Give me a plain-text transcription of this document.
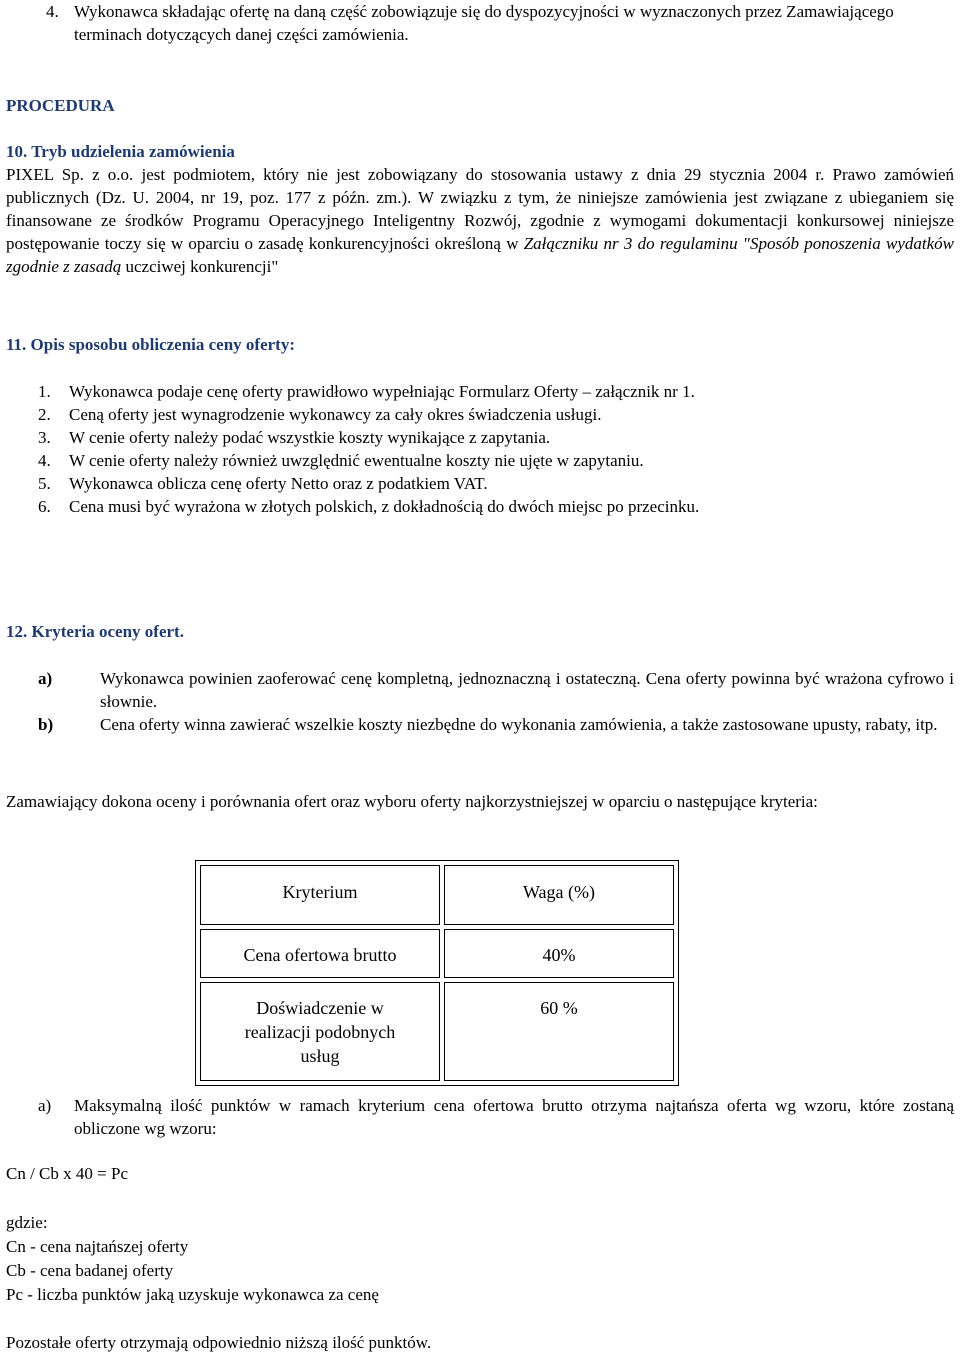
4. Wykonawca składając ofertę na daną część zobowiązuje się do dyspozycyjności w wyznaczonych przez Zamawiającego terminach dotyczących danej części zamówienia.
PROCEDURA
10. Tryb udzielenia zamówienia
PIXEL Sp. z o.o. jest podmiotem, który nie jest zobowiązany do stosowania ustawy z dnia 29 stycznia 2004 r. Prawo zamówień publicznych (Dz. U. 2004, nr 19, poz. 177 z późn. zm.). W związku z tym, że niniejsze zamówienia jest związane z ubieganiem się finansowane ze środków Programu Operacyjnego Inteligentny Rozwój, zgodnie z wymogami dokumentacji konkursowej niniejsze postępowanie toczy się w oparciu o zasadę konkurencyjności określoną w Załączniku nr 3 do regulaminu "Sposób ponoszenia wydatków zgodnie z zasadą uczciwej konkurencji"
11. Opis sposobu obliczenia ceny oferty:
1.	Wykonawca podaje cenę oferty prawidłowo wypełniając Formularz Oferty – załącznik nr 1.
2.	Ceną oferty jest wynagrodzenie wykonawcy za cały okres świadczenia usługi.
3.	W cenie oferty należy podać wszystkie koszty wynikające z zapytania.
4.	W cenie oferty należy również uwzględnić ewentualne koszty nie ujęte w zapytaniu.
5.	Wykonawca oblicza cenę oferty Netto oraz z podatkiem VAT.
6.	Cena musi być wyrażona w złotych polskich, z dokładnością do dwóch miejsc po przecinku.
12. Kryteria oceny ofert.
a)	Wykonawca powinien zaoferować cenę kompletną, jednoznaczną i ostateczną. Cena oferty powinna być wrażona cyfrowo i słownie.
b)	Cena oferty winna zawierać wszelkie koszty niezbędne do wykonania zamówienia, a także zastosowane upusty, rabaty, itp.
Zamawiający dokona oceny i porównania ofert oraz wyboru oferty najkorzystniejszej w oparciu o następujące kryteria:
Kryterium	Waga (%)
Cena ofertowa brutto	40%
Doświadczenie w realizacji podobnych usług	60 %
a)	Maksymalną ilość punktów w ramach kryterium cena ofertowa brutto otrzyma najtańsza oferta wg wzoru, które zostaną obliczone wg wzoru:
Cn / Cb x 40 = Pc
gdzie:
Cn - cena najtańszej oferty
Cb - cena badanej oferty
Pc - liczba punktów jaką uzyskuje wykonawca za cenę
Pozostałe oferty otrzymają odpowiednio niższą ilość punktów.
